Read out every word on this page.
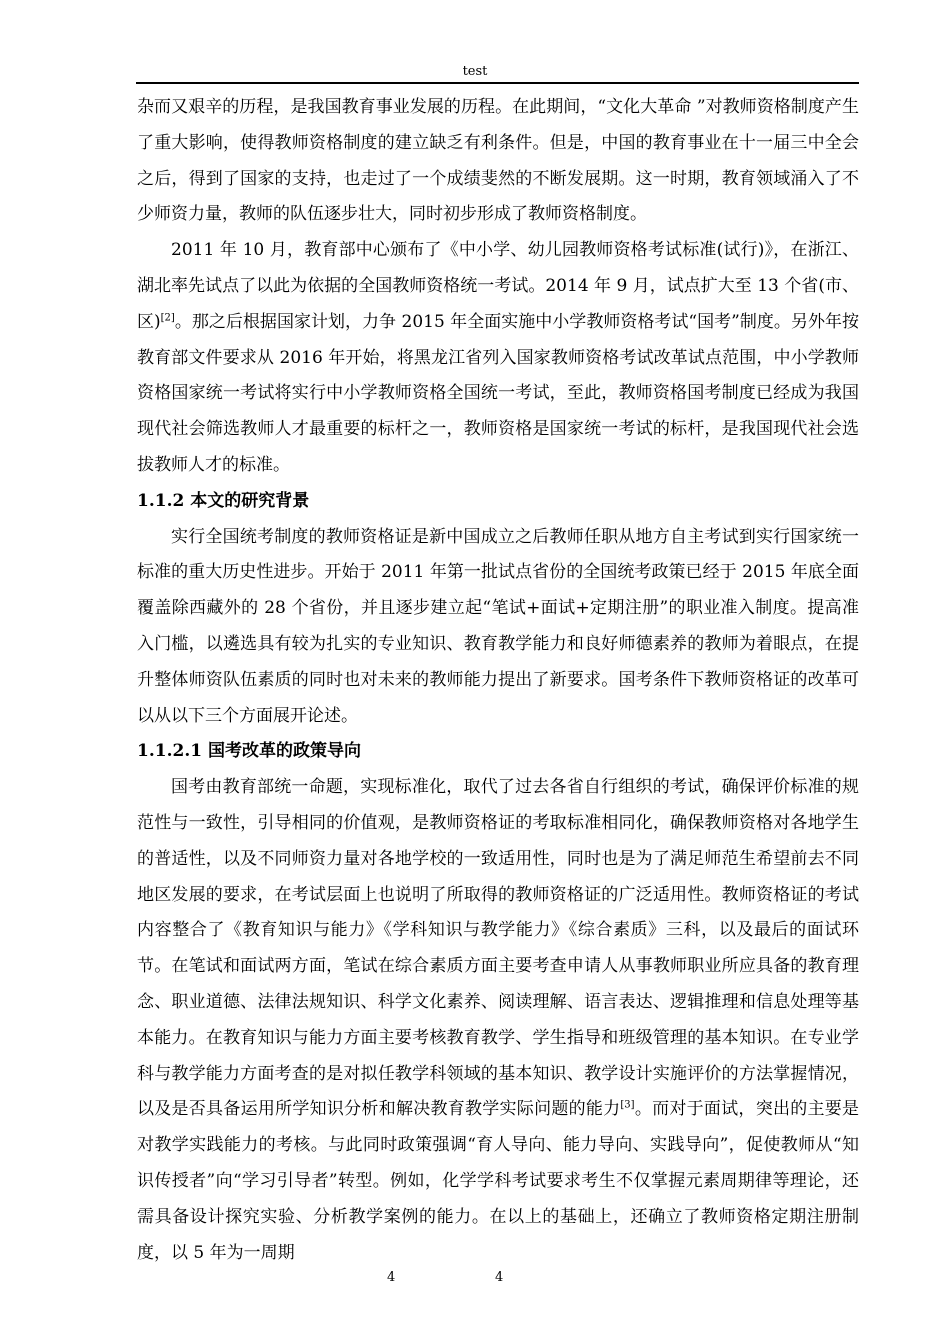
test

杂而又艰辛的历程，是我国教育事业发展的历程。在此期间，“文化大革命 ”对教师资格制度产生了重大影响，使得教师资格制度的建立缺乏有利条件。但是，中国的教育事业在十一届三中全会之后，得到了国家的支持，也走过了一个成绩斐然的不断发展期。这一时期，教育领域涌入了不少师资力量，教师的队伍逐步壮大，同时初步形成了教师资格制度。

2011 年 10 月，教育部中心颁布了《中小学、幼儿园教师资格考试标准(试行)》，在浙江、湖北率先试点了以此为依据的全国教师资格统一考试。2014 年 9 月，试点扩大至 13 个省(市、区)[2]。那之后根据国家计划，力争 2015 年全面实施中小学教师资格考试“国考”制度。另外年按教育部文件要求从 2016 年开始，将黑龙江省列入国家教师资格考试改革试点范围，中小学教师资格国家统一考试将实行中小学教师资格全国统一考试，至此，教师资格国考制度已经成为我国现代社会筛选教师人才最重要的标杆之一，教师资格是国家统一考试的标杆，是我国现代社会选拔教师人才的标准。

1.1.2 本文的研究背景

实行全国统考制度的教师资格证是新中国成立之后教师任职从地方自主考试到实行国家统一标准的重大历史性进步。开始于 2011 年第一批试点省份的全国统考政策已经于 2015 年底全面覆盖除西藏外的 28 个省份，并且逐步建立起“笔试+面试+定期注册”的职业准入制度。提高准入门槛，以遴选具有较为扎实的专业知识、教育教学能力和良好师德素养的教师为着眼点，在提升整体师资队伍素质的同时也对未来的教师能力提出了新要求。国考条件下教师资格证的改革可以从以下三个方面展开论述。

1.1.2.1 国考改革的政策导向

国考由教育部统一命题，实现标准化，取代了过去各省自行组织的考试，确保评价标准的规范性与一致性，引导相同的价值观，是教师资格证的考取标准相同化，确保教师资格对各地学生的普适性，以及不同师资力量对各地学校的一致适用性，同时也是为了满足师范生希望前去不同地区发展的要求，在考试层面上也说明了所取得的教师资格证的广泛适用性。教师资格证的考试内容整合了《教育知识与能力》《学科知识与教学能力》《综合素质》三科，以及最后的面试环节。在笔试和面试两方面，笔试在综合素质方面主要考查申请人从事教师职业所应具备的教育理念、职业道德、法律法规知识、科学文化素养、阅读理解、语言表达、逻辑推理和信息处理等基本能力。在教育知识与能力方面主要考核教育教学、学生指导和班级管理的基本知识。在专业学科与教学能力方面考查的是对拟任教学科领域的基本知识、教学设计实施评价的方法掌握情况，以及是否具备运用所学知识分析和解决教育教学实际问题的能力[3]。而对于面试，突出的主要是对教学实践能力的考核。与此同时政策强调“育人导向、能力导向、实践导向”，促使教师从“知识传授者”向“学习引导者”转型。例如，化学学科考试要求考生不仅掌握元素周期律等理论，还需具备设计探究实验、分析教学案例的能力。在以上的基础上，还确立了教师资格定期注册制度，以 5 年为一周期

4	4
